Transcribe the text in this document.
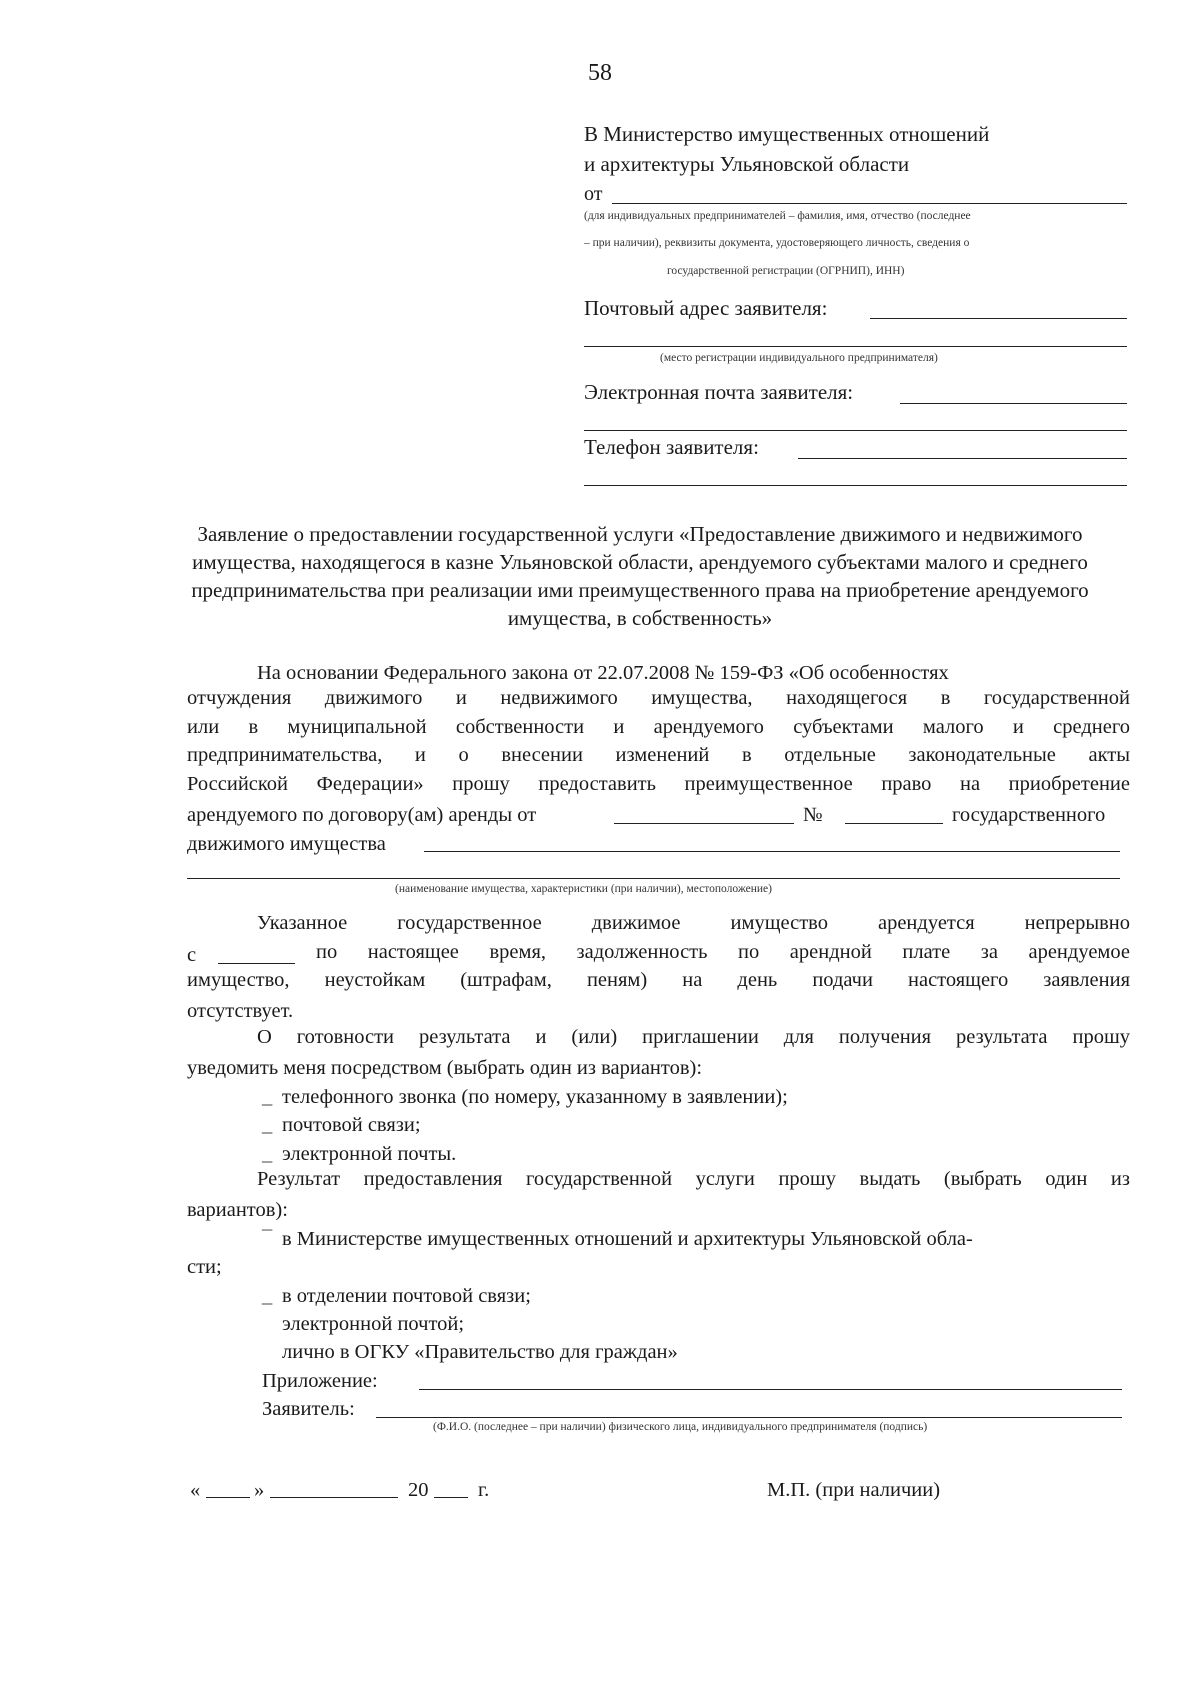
58
В Министерство имущественных отношений
и архитектуры Ульяновской области
от
(для индивидуальных предпринимателей – фамилия, имя, отчество (последнее
– при наличии), реквизиты документа, удостоверяющего личность, сведения о
государственной регистрации (ОГРНИП), ИНН)
Почтовый адрес заявителя:
(место регистрации индивидуального предпринимателя)
Электронная почта заявителя:
Телефон заявителя:
Заявление о предоставлении государственной услуги «Предоставление движимого и недвижимого имущества, находящегося в казне Ульяновской области, арендуемого субъектами малого и среднего предпринимательства при реализации ими преимущественного права на приобретение арендуемого имущества, в собственность»
На основании Федерального закона от 22.07.2008 № 159-ФЗ «Об особенностях
отчуждения движимого и недвижимого имущества, находящегося в государственной
или в муниципальной собственности и арендуемого субъектами малого и среднего
предпринимательства, и о внесении изменений в отдельные законодательные акты
Российской Федерации» прошу предоставить преимущественное право на приобретение
арендуемого по договору(ам) аренды от	№	государственного
движимого имущества
(наименование имущества, характеристики (при наличии), местоположение)
Указанное государственное движимое имущество арендуется непрерывно
с	по настоящее время, задолженность по арендной плате за арендуемое
имущество, неустойкам (штрафам, пеням) на день подачи настоящего заявления
отсутствует.
О готовности результата и (или) приглашении для получения результата прошу
уведомить меня посредством (выбрать один из вариантов):
_ телефонного звонка (по номеру, указанному в заявлении);
_ почтовой связи;
_ электронной почты.
Результат предоставления государственной услуги прошу выдать (выбрать один из
вариантов):
¯ в Министерстве имущественных отношений и архитектуры Ульяновской обла-
сти;
_ в отделении почтовой связи;
электронной почтой;
лично в ОГКУ «Правительство для граждан»
Приложение:
Заявитель:
(Ф.И.О. (последнее – при наличии) физического лица, индивидуального предпринимателя (подпись)
«	»	20 г.	М.П. (при наличии)
